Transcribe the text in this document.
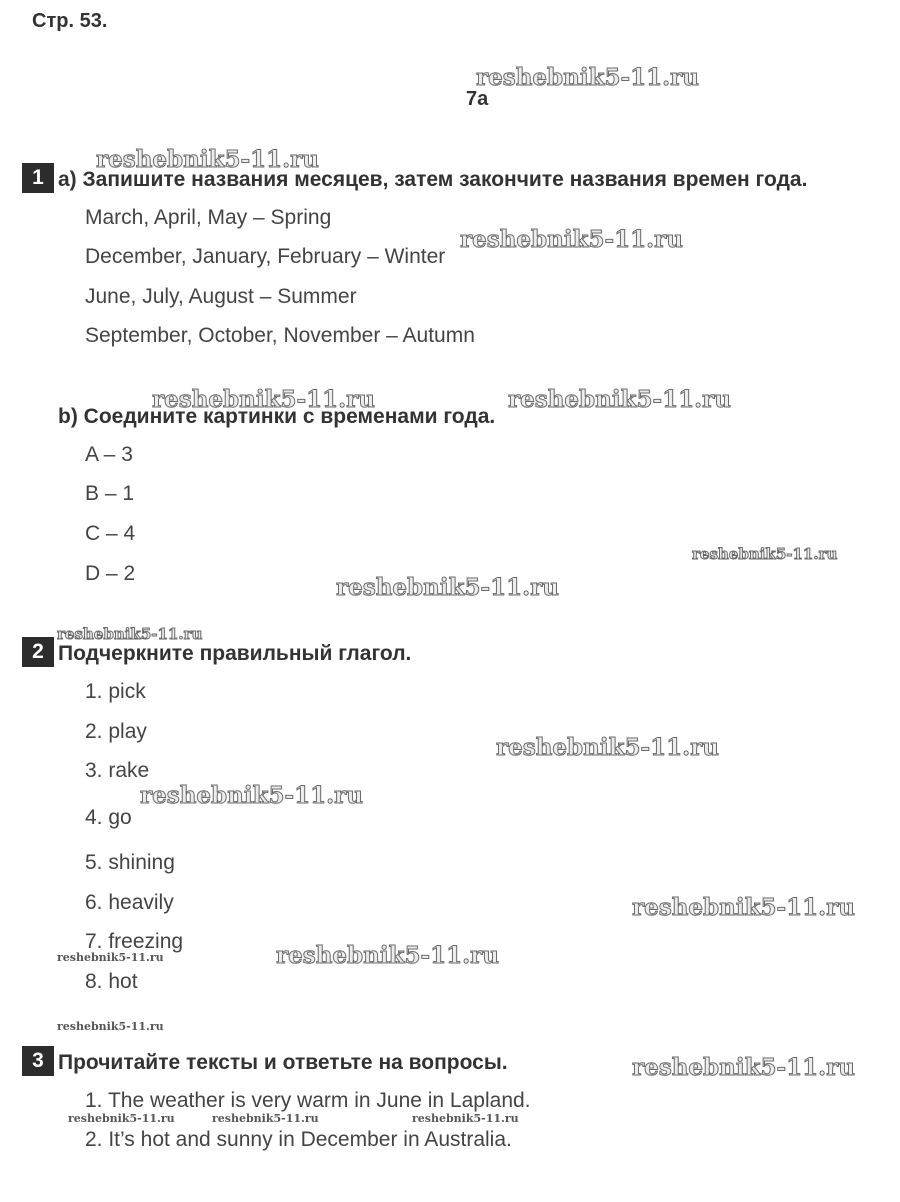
Стр. 53.
7a
1 a) Запишите названия месяцев, затем закончите названия времен года.
March, April, May – Spring
December, January, February – Winter
June, July, August – Summer
September, October, November – Autumn
b) Соедините картинки с временами года.
A – 3
B – 1
C – 4
D – 2
2 Подчеркните правильный глагол.
1. pick
2. play
3. rake
4. go
5. shining
6. heavily
7. freezing
8. hot
3 Прочитайте тексты и ответьте на вопросы.
1. The weather is very warm in June in Lapland.
2. It’s hot and sunny in December in Australia.
reshebnik5-11.ru
reshebnik5-11.ru
reshebnik5-11.ru
reshebnik5-11.ru	reshebnik5-11.ru
reshebnik5-11.ru
reshebnik5-11.ru
reshebnik5-11.ru
reshebnik5-11.ru
reshebnik5-11.ru
reshebnik5-11.ru
reshebnik5-11.ru
reshebnik5-11.ru
reshebnik5-11.ru
reshebnik5-11.ru
reshebnik5-11.ru	reshebnik5-11.ru	reshebnik5-11.ru
